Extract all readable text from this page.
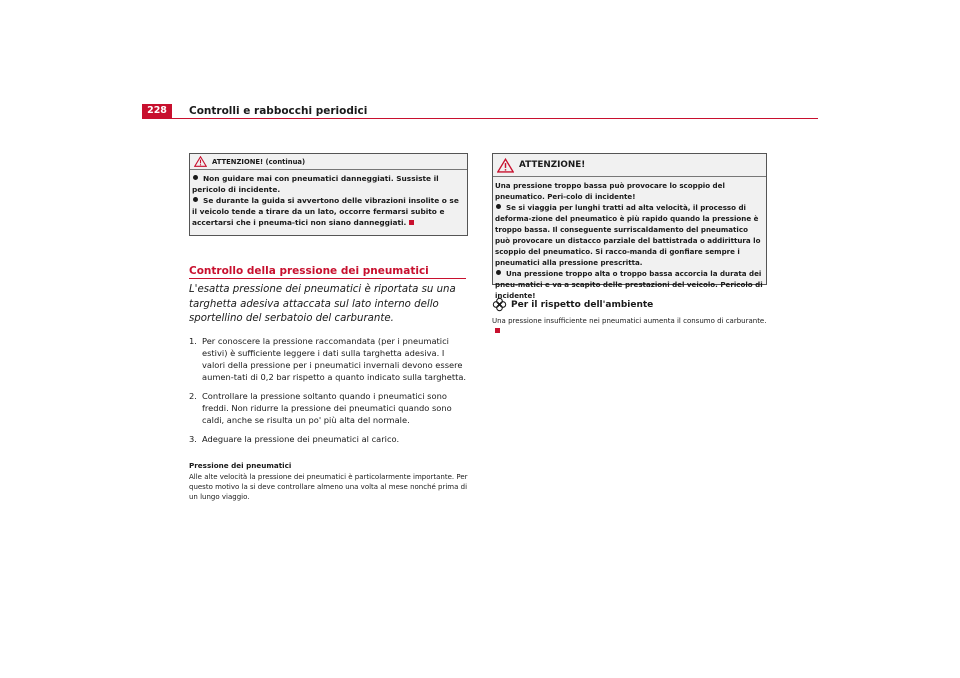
228	Controlli e rabbocchi periodici
ATTENZIONE! (continua)

Non guidare mai con pneumatici danneggiati. Sussiste il pericolo di incidente.

Se durante la guida si avvertono delle vibrazioni insolite o se il veicolo tende a tirare da un lato, occorre fermarsi subito e accertarsi che i pneuma-tici non siano danneggiati.

Controllo della pressione dei pneumatici
L'esatta pressione dei pneumatici è riportata su una targhetta adesiva attaccata sul lato interno dello sportellino del serbatoio del carburante.
1. Per conoscere la pressione raccomandata (per i pneumatici estivi) è sufficiente leggere i dati sulla targhetta adesiva. I valori della pressione per i pneumatici invernali devono essere aumen-tati di 0,2 bar rispetto a quanto indicato sulla targhetta.
2. Controllare la pressione soltanto quando i pneumatici sono freddi. Non ridurre la pressione dei pneumatici quando sono caldi, anche se risulta un po' più alta del normale.
3. Adeguare la pressione dei pneumatici al carico.
Pressione dei pneumatici
Alle alte velocità la pressione dei pneumatici è particolarmente importante. Per questo motivo la si deve controllare almeno una volta al mese nonché prima di un lungo viaggio.
ATTENZIONE!

Una pressione troppo bassa può provocare lo scoppio del pneumatico. Peri-colo di incidente!

Se si viaggia per lunghi tratti ad alta velocità, il processo di deforma-zione del pneumatico è più rapido quando la pressione è troppo bassa. Il conseguente surriscaldamento del pneumatico può provocare un distacco parziale del battistrada o addirittura lo scoppio del pneumatico. Si racco-manda di gonfiare sempre i pneumatici alla pressione prescritta.

Una pressione troppo alta o troppo bassa accorcia la durata dei pneu-matici e va a scapito delle prestazioni del veicolo. Pericolo di incidente!

Per il rispetto dell'ambiente
Una pressione insufficiente nei pneumatici aumenta il consumo di carburante.
